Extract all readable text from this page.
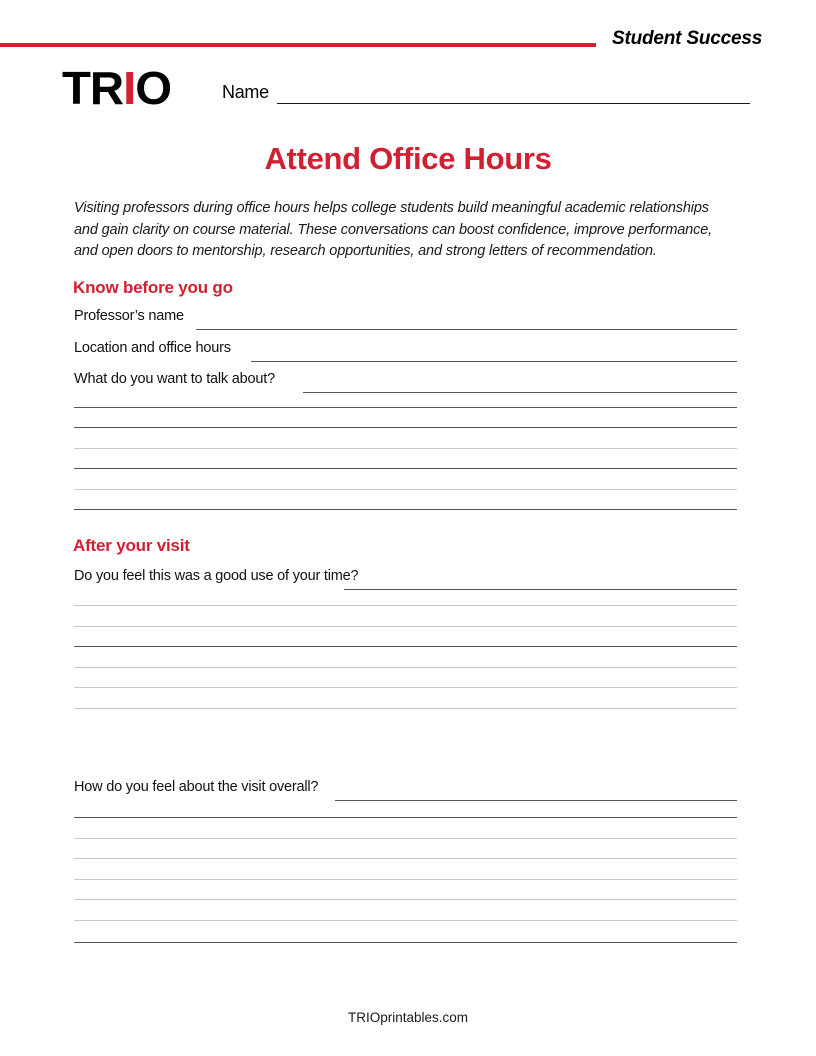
Student Success
TRIO	Name
Attend Office Hours
Visiting professors during office hours helps college students build meaningful academic relationships and gain clarity on course material. These conversations can boost confidence, improve performance, and open doors to mentorship, research opportunities, and strong letters of recommendation.
Know before you go
Professor’s name
Location and office hours
What do you want to talk about?
After your visit
Do you feel this was a good use of your time?
How do you feel about the visit overall?
TRIOprintables.com
